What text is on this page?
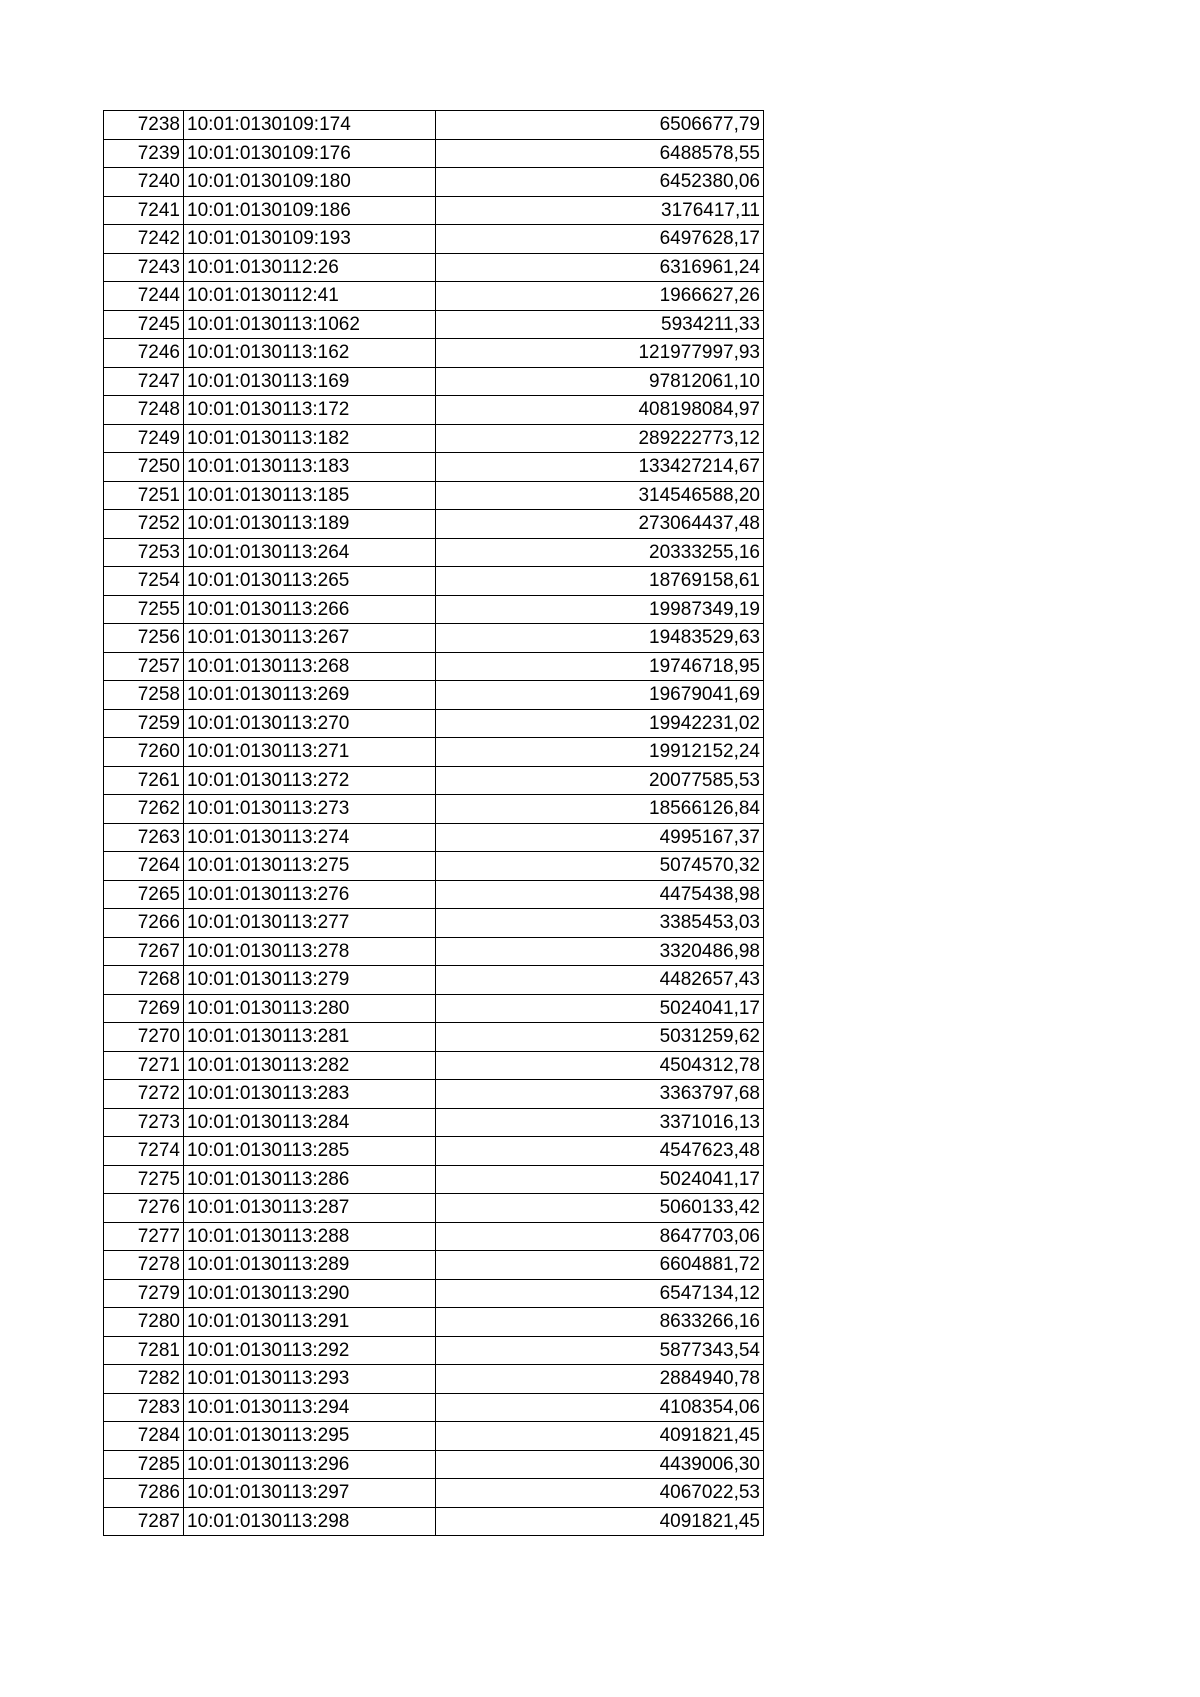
7238	10:01:0130109:174	6506677,79
7239	10:01:0130109:176	6488578,55
7240	10:01:0130109:180	6452380,06
7241	10:01:0130109:186	3176417,11
7242	10:01:0130109:193	6497628,17
7243	10:01:0130112:26	6316961,24
7244	10:01:0130112:41	1966627,26
7245	10:01:0130113:1062	5934211,33
7246	10:01:0130113:162	121977997,93
7247	10:01:0130113:169	97812061,10
7248	10:01:0130113:172	408198084,97
7249	10:01:0130113:182	289222773,12
7250	10:01:0130113:183	133427214,67
7251	10:01:0130113:185	314546588,20
7252	10:01:0130113:189	273064437,48
7253	10:01:0130113:264	20333255,16
7254	10:01:0130113:265	18769158,61
7255	10:01:0130113:266	19987349,19
7256	10:01:0130113:267	19483529,63
7257	10:01:0130113:268	19746718,95
7258	10:01:0130113:269	19679041,69
7259	10:01:0130113:270	19942231,02
7260	10:01:0130113:271	19912152,24
7261	10:01:0130113:272	20077585,53
7262	10:01:0130113:273	18566126,84
7263	10:01:0130113:274	4995167,37
7264	10:01:0130113:275	5074570,32
7265	10:01:0130113:276	4475438,98
7266	10:01:0130113:277	3385453,03
7267	10:01:0130113:278	3320486,98
7268	10:01:0130113:279	4482657,43
7269	10:01:0130113:280	5024041,17
7270	10:01:0130113:281	5031259,62
7271	10:01:0130113:282	4504312,78
7272	10:01:0130113:283	3363797,68
7273	10:01:0130113:284	3371016,13
7274	10:01:0130113:285	4547623,48
7275	10:01:0130113:286	5024041,17
7276	10:01:0130113:287	5060133,42
7277	10:01:0130113:288	8647703,06
7278	10:01:0130113:289	6604881,72
7279	10:01:0130113:290	6547134,12
7280	10:01:0130113:291	8633266,16
7281	10:01:0130113:292	5877343,54
7282	10:01:0130113:293	2884940,78
7283	10:01:0130113:294	4108354,06
7284	10:01:0130113:295	4091821,45
7285	10:01:0130113:296	4439006,30
7286	10:01:0130113:297	4067022,53
7287	10:01:0130113:298	4091821,45
